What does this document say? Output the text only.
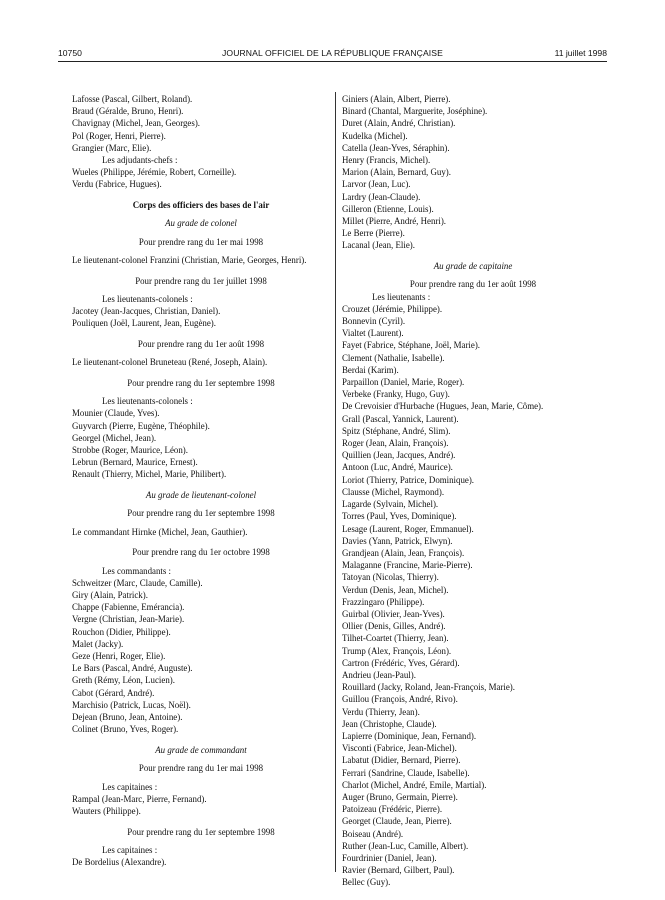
10750	JOURNAL OFFICIEL DE LA RÉPUBLIQUE FRANÇAISE	11 juillet 1998
Lafosse (Pascal, Gilbert, Roland).
Braud (Géralde, Bruno, Henri).
Chavignay (Michel, Jean, Georges).
Pol (Roger, Henri, Pierre).
Grangier (Marc, Elie).
Les adjudants-chefs :
Wueles (Philippe, Jérémie, Robert, Corneille).
Verdu (Fabrice, Hugues).
Corps des officiers des bases de l'air
Au grade de colonel
Pour prendre rang du 1er mai 1998
Le lieutenant-colonel Franzini (Christian, Marie, Georges, Henri).
Pour prendre rang du 1er juillet 1998
Les lieutenants-colonels :
Jacotey (Jean-Jacques, Christian, Daniel).
Pouliquen (Joël, Laurent, Jean, Eugène).
Pour prendre rang du 1er août 1998
Le lieutenant-colonel Bruneteau (René, Joseph, Alain).
Pour prendre rang du 1er septembre 1998
Les lieutenants-colonels :
Mounier (Claude, Yves).
Guyvarch (Pierre, Eugène, Théophile).
Georgel (Michel, Jean).
Strobbe (Roger, Maurice, Léon).
Lebrun (Bernard, Maurice, Ernest).
Renault (Thierry, Michel, Marie, Philibert).
Au grade de lieutenant-colonel
Pour prendre rang du 1er septembre 1998
Le commandant Hirnke (Michel, Jean, Gauthier).
Pour prendre rang du 1er octobre 1998
Les commandants :
Schweitzer (Marc, Claude, Camille).
Giry (Alain, Patrick).
Chappe (Fabienne, Emérancia).
Vergne (Christian, Jean-Marie).
Rouchon (Didier, Philippe).
Malet (Jacky).
Geze (Henri, Roger, Elie).
Le Bars (Pascal, André, Auguste).
Greth (Rémy, Léon, Lucien).
Cabot (Gérard, André).
Marchisio (Patrick, Lucas, Noël).
Dejean (Bruno, Jean, Antoine).
Colinet (Bruno, Yves, Roger).
Au grade de commandant
Pour prendre rang du 1er mai 1998
Les capitaines :
Rampal (Jean-Marc, Pierre, Fernand).
Wauters (Philippe).
Pour prendre rang du 1er septembre 1998
Les capitaines :
De Bordelius (Alexandre).
Giniers (Alain, Albert, Pierre).
Binard (Chantal, Marguerite, Joséphine).
Duret (Alain, André, Christian).
Kudelka (Michel).
Catella (Jean-Yves, Séraphin).
Henry (Francis, Michel).
Marion (Alain, Bernard, Guy).
Larvor (Jean, Luc).
Lardry (Jean-Claude).
Gilleron (Etienne, Louis).
Millet (Pierre, André, Henri).
Le Berre (Pierre).
Lacanal (Jean, Elie).
Au grade de capitaine
Pour prendre rang du 1er août 1998
Les lieutenants :
Crouzet (Jérémie, Philippe).
Bonnevin (Cyril).
Vialtet (Laurent).
Fayet (Fabrice, Stéphane, Joël, Marie).
Clement (Nathalie, Isabelle).
Berdai (Karim).
Parpaillon (Daniel, Marie, Roger).
Verbeke (Franky, Hugo, Guy).
De Crevoisier d'Hurbache (Hugues, Jean, Marie, Côme).
Grall (Pascal, Yannick, Laurent).
Spitz (Stéphane, André, Slim).
Roger (Jean, Alain, François).
Quillien (Jean, Jacques, André).
Antoon (Luc, André, Maurice).
Loriot (Thierry, Patrice, Dominique).
Clausse (Michel, Raymond).
Lagarde (Sylvain, Michel).
Torres (Paul, Yves, Dominique).
Lesage (Laurent, Roger, Emmanuel).
Davies (Yann, Patrick, Elwyn).
Grandjean (Alain, Jean, François).
Malaganne (Francine, Marie-Pierre).
Tatoyan (Nicolas, Thierry).
Verdun (Denis, Jean, Michel).
Frazzingaro (Philippe).
Guirbal (Olivier, Jean-Yves).
Ollier (Denis, Gilles, André).
Tilhet-Coartet (Thierry, Jean).
Trump (Alex, François, Léon).
Cartron (Frédéric, Yves, Gérard).
Andrieu (Jean-Paul).
Rouillard (Jacky, Roland, Jean-François, Marie).
Guillou (François, André, Rivo).
Verdu (Thierry, Jean).
Jean (Christophe, Claude).
Lapierre (Dominique, Jean, Fernand).
Visconti (Fabrice, Jean-Michel).
Labatut (Didier, Bernard, Pierre).
Ferrari (Sandrine, Claude, Isabelle).
Charlot (Michel, André, Emile, Martial).
Auger (Bruno, Germain, Pierre).
Patoizeau (Frédéric, Pierre).
Georget (Claude, Jean, Pierre).
Boiseau (André).
Ruther (Jean-Luc, Camille, Albert).
Fourdrinier (Daniel, Jean).
Ravier (Bernard, Gilbert, Paul).
Bellec (Guy).
